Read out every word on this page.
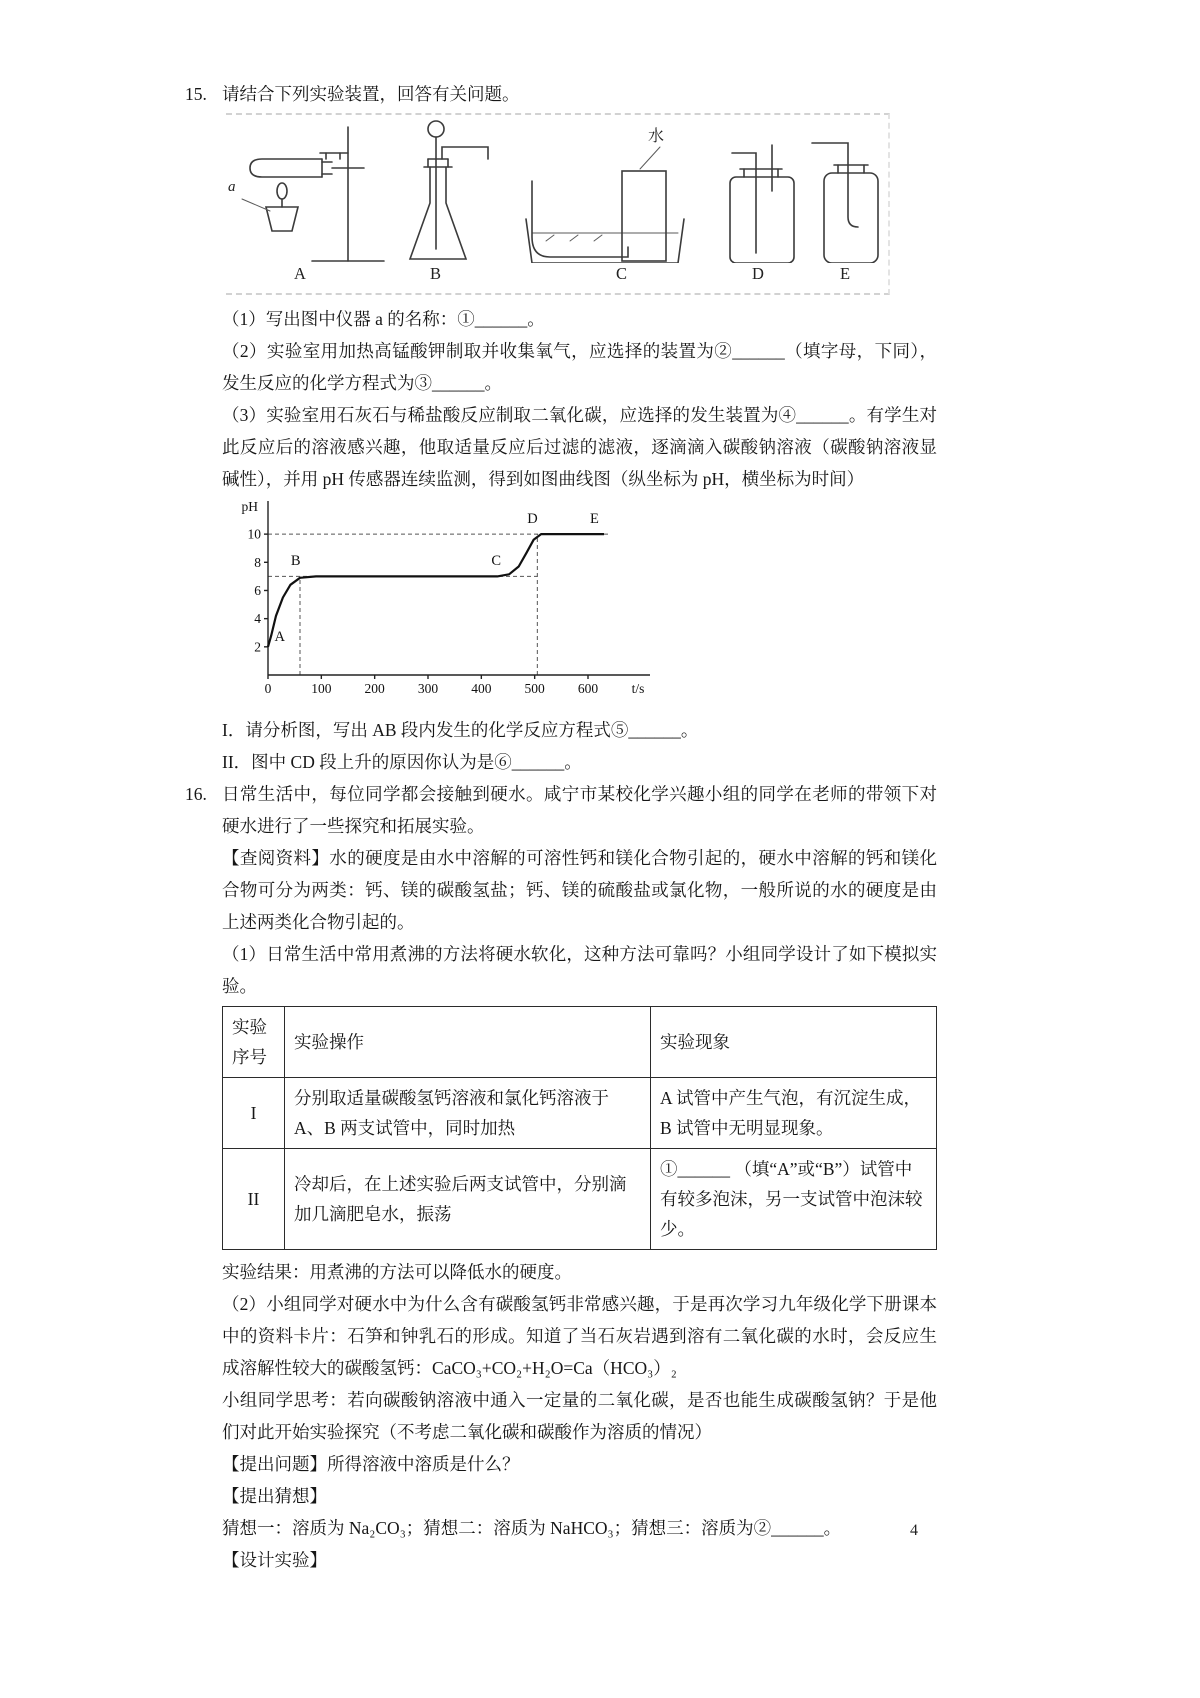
15. 请结合下列实验装置，回答有关问题。

A	B	C	D	E
水
a

（1）写出图中仪器 a 的名称：①______。

（2）实验室用加热高锰酸钾制取并收集氧气，应选择的装置为②______（填字母，下同），发生反应的化学方程式为③______。

（3）实验室用石灰石与稀盐酸反应制取二氧化碳，应选择的发生装置为④______。有学生对此反应后的溶液感兴趣，他取适量反应后过滤的滤液，逐滴滴入碳酸钠溶液（碳酸钠溶液显碱性），并用 pH 传感器连续监测，得到如图曲线图（纵坐标为 pH，横坐标为时间）

2
4
6
8
10
0	100 200 300 400 500 600
pH
t/s
A
B	C
D	E

I．请分析图，写出 AB 段内发生的化学反应方程式⑤______。

II．图中 CD 段上升的原因你认为是⑥______。

16. 日常生活中，每位同学都会接触到硬水。咸宁市某校化学兴趣小组的同学在老师的带领下对硬水进行了一些探究和拓展实验。

【查阅资料】水的硬度是由水中溶解的可溶性钙和镁化合物引起的，硬水中溶解的钙和镁化合物可分为两类：钙、镁的碳酸氢盐；钙、镁的硫酸盐或氯化物，一般所说的水的硬度是由上述两类化合物引起的。

（1）日常生活中常用煮沸的方法将硬水软化，这种方法可靠吗？小组同学设计了如下模拟实验。

实验序号	实验操作	实验现象
I	分别取适量碳酸氢钙溶液和氯化钙溶液于 A、B 两支试管中，同时加热	A 试管中产生气泡，有沉淀生成，B 试管中无明显现象。
II	冷却后，在上述实验后两支试管中，分别滴加几滴肥皂水，振荡	①______ （填“A”或“B”）试管中有较多泡沫，另一支试管中泡沫较少。

实验结果：用煮沸的方法可以降低水的硬度。

（2）小组同学对硬水中为什么含有碳酸氢钙非常感兴趣，于是再次学习九年级化学下册课本中的资料卡片：石笋和钟乳石的形成。知道了当石灰岩遇到溶有二氧化碳的水时，会反应生成溶解性较大的碳酸氢钙：CaCO₃+CO₂+H₂O=Ca（HCO₃）₂

小组同学思考：若向碳酸钠溶液中通入一定量的二氧化碳，是否也能生成碳酸氢钠？于是他们对此开始实验探究（不考虑二氧化碳和碳酸作为溶质的情况）

【提出问题】所得溶液中溶质是什么？

【提出猜想】

猜想一：溶质为 Na₂CO₃；猜想二：溶质为 NaHCO₃；猜想三：溶质为②______。

【设计实验】

4
